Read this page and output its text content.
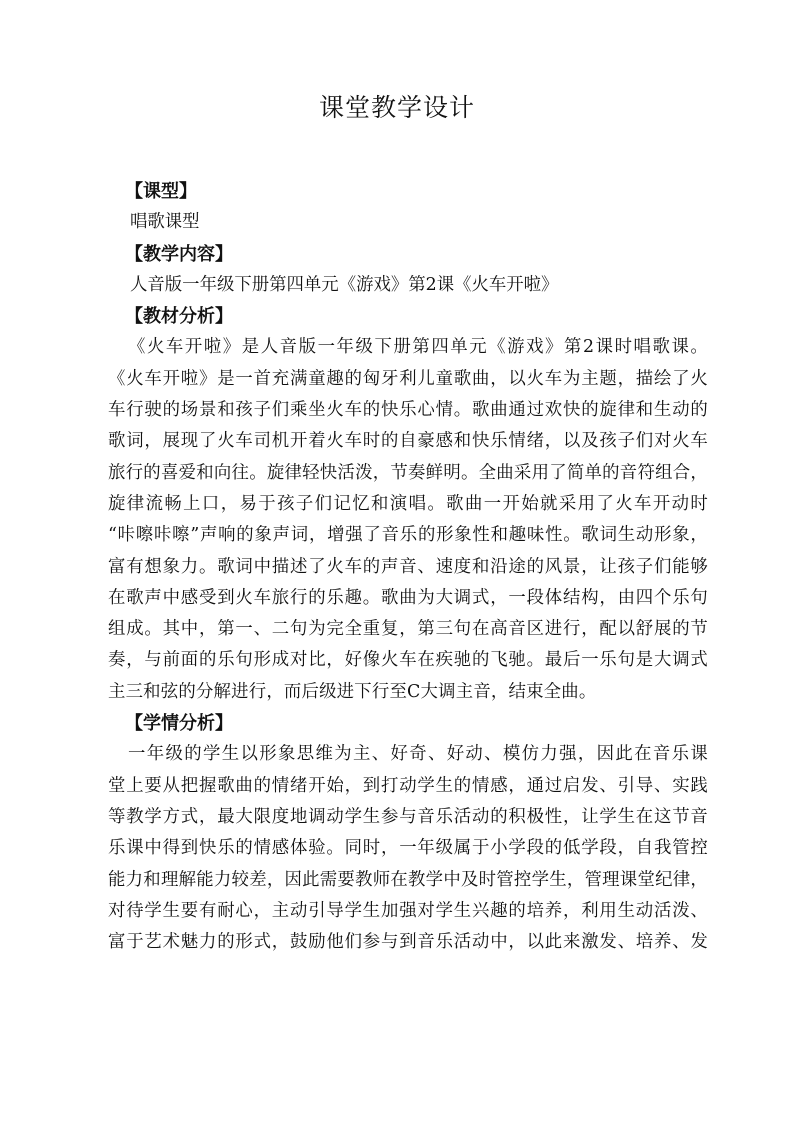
课堂教学设计
【课型】
唱歌课型
【教学内容】
人音版一年级下册第四单元《游戏》第2课《火车开啦》
【教材分析】
《火车开啦》是人音版一年级下册第四单元《游戏》第2课时唱歌课。
《火车开啦》是一首充满童趣的匈牙利儿童歌曲，以火车为主题，描绘了火
车行驶的场景和孩子们乘坐火车的快乐心情。歌曲通过欢快的旋律和生动的
歌词，展现了火车司机开着火车时的自豪感和快乐情绪，以及孩子们对火车
旅行的喜爱和向往。旋律轻快活泼，节奏鲜明。全曲采用了简单的音符组合，
旋律流畅上口，易于孩子们记忆和演唱。歌曲一开始就采用了火车开动时
“咔嚓咔嚓”声响的象声词，增强了音乐的形象性和趣味性。歌词生动形象，
富有想象力。歌词中描述了火车的声音、速度和沿途的风景，让孩子们能够
在歌声中感受到火车旅行的乐趣。歌曲为大调式，一段体结构，由四个乐句
组成。其中，第一、二句为完全重复，第三句在高音区进行，配以舒展的节
奏，与前面的乐句形成对比，好像火车在疾驰的飞驰。最后一乐句是大调式
主三和弦的分解进行，而后级进下行至C大调主音，结束全曲。
【学情分析】
一年级的学生以形象思维为主、好奇、好动、模仿力强，因此在音乐课
堂上要从把握歌曲的情绪开始，到打动学生的情感，通过启发、引导、实践
等教学方式，最大限度地调动学生参与音乐活动的积极性，让学生在这节音
乐课中得到快乐的情感体验。同时，一年级属于小学段的低学段，自我管控
能力和理解能力较差，因此需要教师在教学中及时管控学生，管理课堂纪律，
对待学生要有耐心，主动引导学生加强对学生兴趣的培养，利用生动活泼、
富于艺术魅力的形式，鼓励他们参与到音乐活动中，以此来激发、培养、发
